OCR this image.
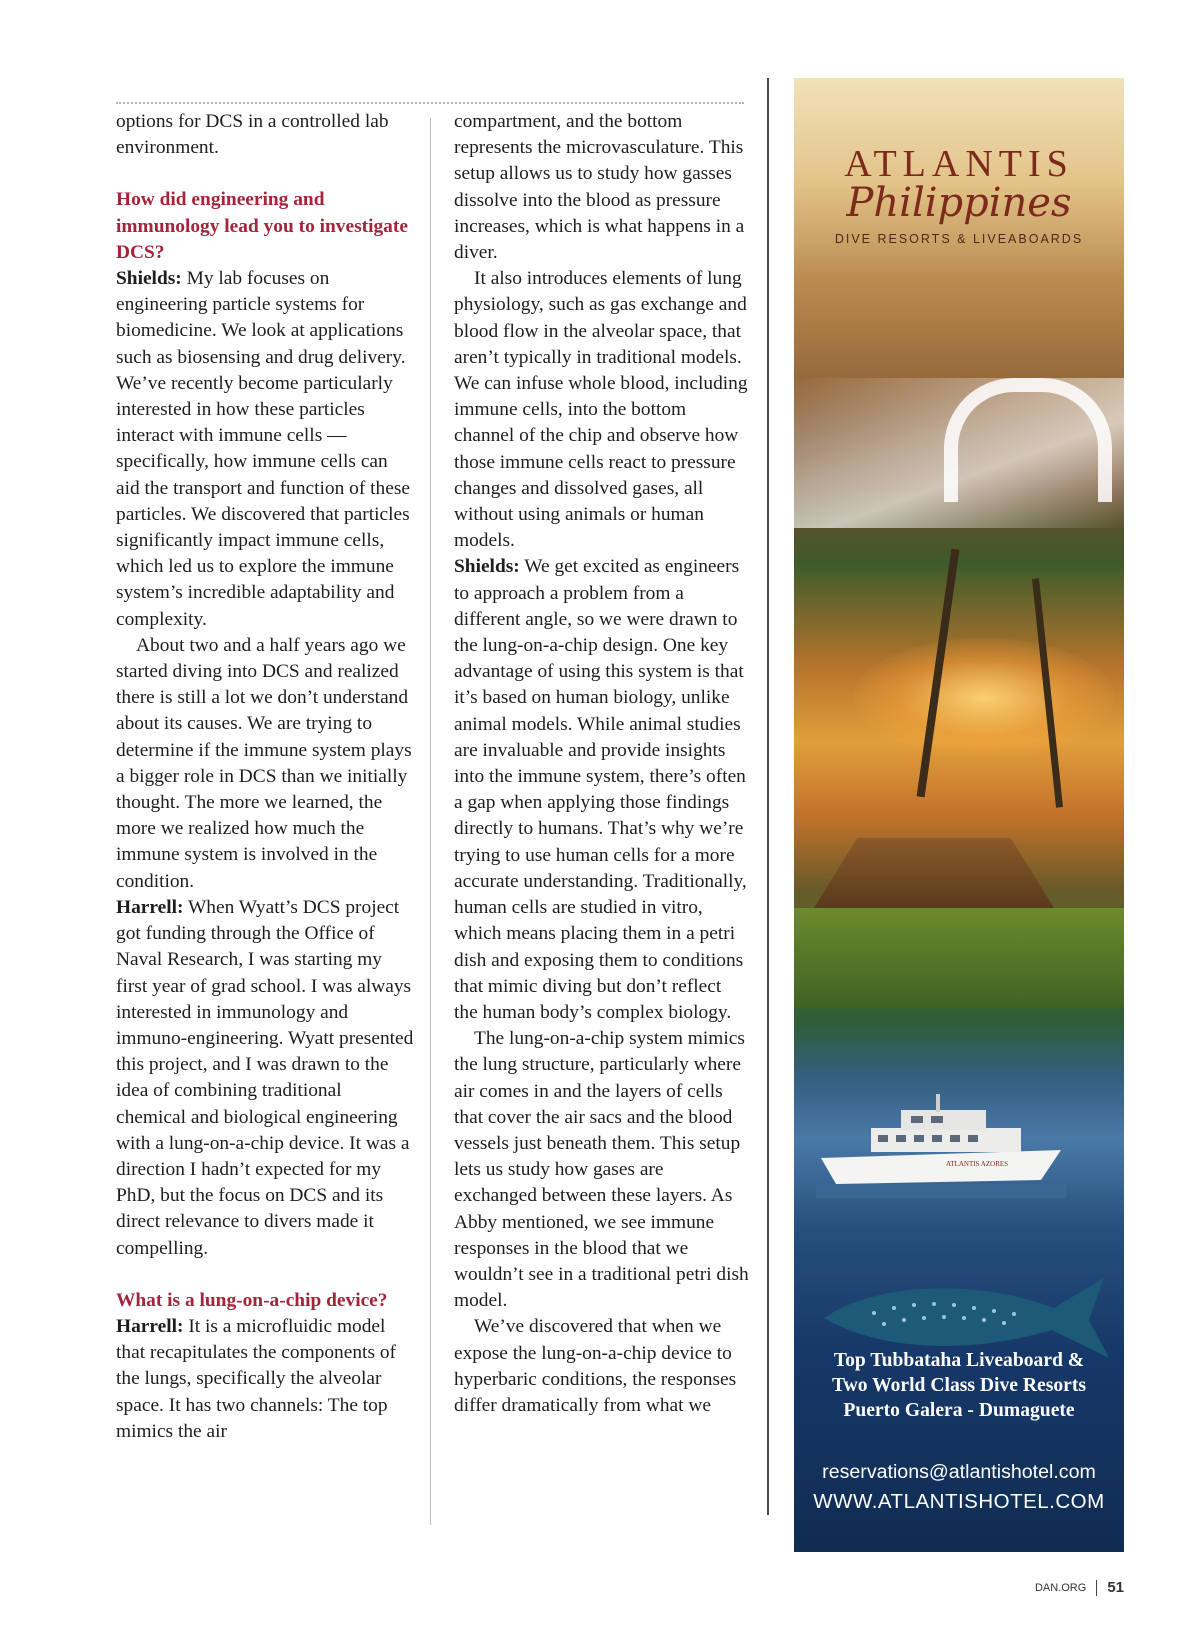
options for DCS in a controlled lab environment.

How did engineering and immunology lead you to investigate DCS?

Shields: My lab focuses on engineering particle systems for biomedicine. We look at applications such as biosensing and drug delivery. We’ve recently become particularly interested in how these particles interact with immune cells — specifically, how immune cells can aid the transport and function of these particles. We discovered that particles significantly impact immune cells, which led us to explore the immune system’s incredible adaptability and complexity.

About two and a half years ago we started diving into DCS and realized there is still a lot we don’t understand about its causes. We are trying to determine if the immune system plays a bigger role in DCS than we initially thought. The more we learned, the more we realized how much the immune system is involved in the condition.

Harrell: When Wyatt’s DCS project got funding through the Office of Naval Research, I was starting my first year of grad school. I was always interested in immunology and immuno-engineering. Wyatt presented this project, and I was drawn to the idea of combining traditional chemical and biological engineering with a lung-on-a-chip device. It was a direction I hadn’t expected for my PhD, but the focus on DCS and its direct relevance to divers made it compelling.

What is a lung-on-a-chip device?

Harrell: It is a microfluidic model that recapitulates the components of the lungs, specifically the alveolar space. It has two channels: The top mimics the air

compartment, and the bottom represents the microvasculature. This setup allows us to study how gasses dissolve into the blood as pressure increases, which is what happens in a diver.

It also introduces elements of lung physiology, such as gas exchange and blood flow in the alveolar space, that aren’t typically in traditional models. We can infuse whole blood, including immune cells, into the bottom channel of the chip and observe how those immune cells react to pressure changes and dissolved gases, all without using animals or human models.

Shields: We get excited as engineers to approach a problem from a different angle, so we were drawn to the lung-on-a-chip design. One key advantage of using this system is that it’s based on human biology, unlike animal models. While animal studies are invaluable and provide insights into the immune system, there’s often a gap when applying those findings directly to humans. That’s why we’re trying to use human cells for a more accurate understanding. Traditionally, human cells are studied in vitro, which means placing them in a petri dish and exposing them to conditions that mimic diving but don’t reflect the human body’s complex biology.

The lung-on-a-chip system mimics the lung structure, particularly where air comes in and the layers of cells that cover the air sacs and the blood vessels just beneath them. This setup lets us study how gases are exchanged between these layers. As Abby mentioned, we see immune responses in the blood that we wouldn’t see in a traditional petri dish model.

We’ve discovered that when we expose the lung-on-a-chip device to hyperbaric conditions, the responses differ dramatically from what we

ATLANTIS AZORES
ATLANTIS
Philippines
DIVE RESORTS & LIVEABOARDS
Top Tubbataha Liveaboard &
Two World Class Dive Resorts
Puerto Galera - Dumaguete
reservations@atlantishotel.com
WWW.ATLANTISHOTEL.COM
DAN.ORG 51
